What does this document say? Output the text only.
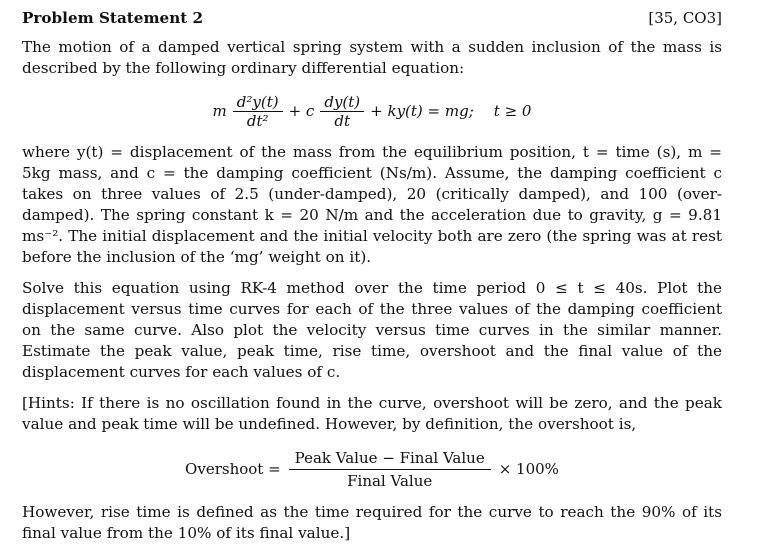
Problem Statement 2	[35, CO3]
The motion of a damped vertical spring system with a sudden inclusion of the mass is described by the following ordinary differential equation:
m $\frac{\text{d²y(t)}}{\text{dt²}} + c \frac{dy(t)}{dt} + ky(t)$ = mg; t ≥ 0
where y(t) = displacement of the mass from the equilibrium position, t = time (s), m = 5kg mass, and c = the damping coefficient (Ns/m). Assume, the damping coefficient c takes on three values of 2.5 (under-damped), 20 (critically damped), and 100 (over-damped). The spring constant k = 20 N/m and the acceleration due to gravity, g = 9.81 ms⁻². The initial displacement and the initial velocity both are zero (the spring was at rest before the inclusion of the ‘mg’ weight on it).
Solve this equation using RK-4 method over the time period 0 ≤ t ≤ 40s. Plot the displacement versus time curves for each of the three values of the damping coefficient on the same curve. Also plot the velocity versus time curves in the similar manner. Estimate the peak value, peak time, rise time, overshoot and the final value of the displacement curves for each values of c.
[Hints: If there is no oscillation found in the curve, overshoot will be zero, and the peak value and peak time will be undefined. However, by definition, the overshoot is,
Overshoot = $\frac{\text{Peak Value − Final Value}}{\text{Final Value}} \times 100\%$
However, rise time is defined as the time required for the curve to reach the 90% of its final value from the 10% of its final value.]
